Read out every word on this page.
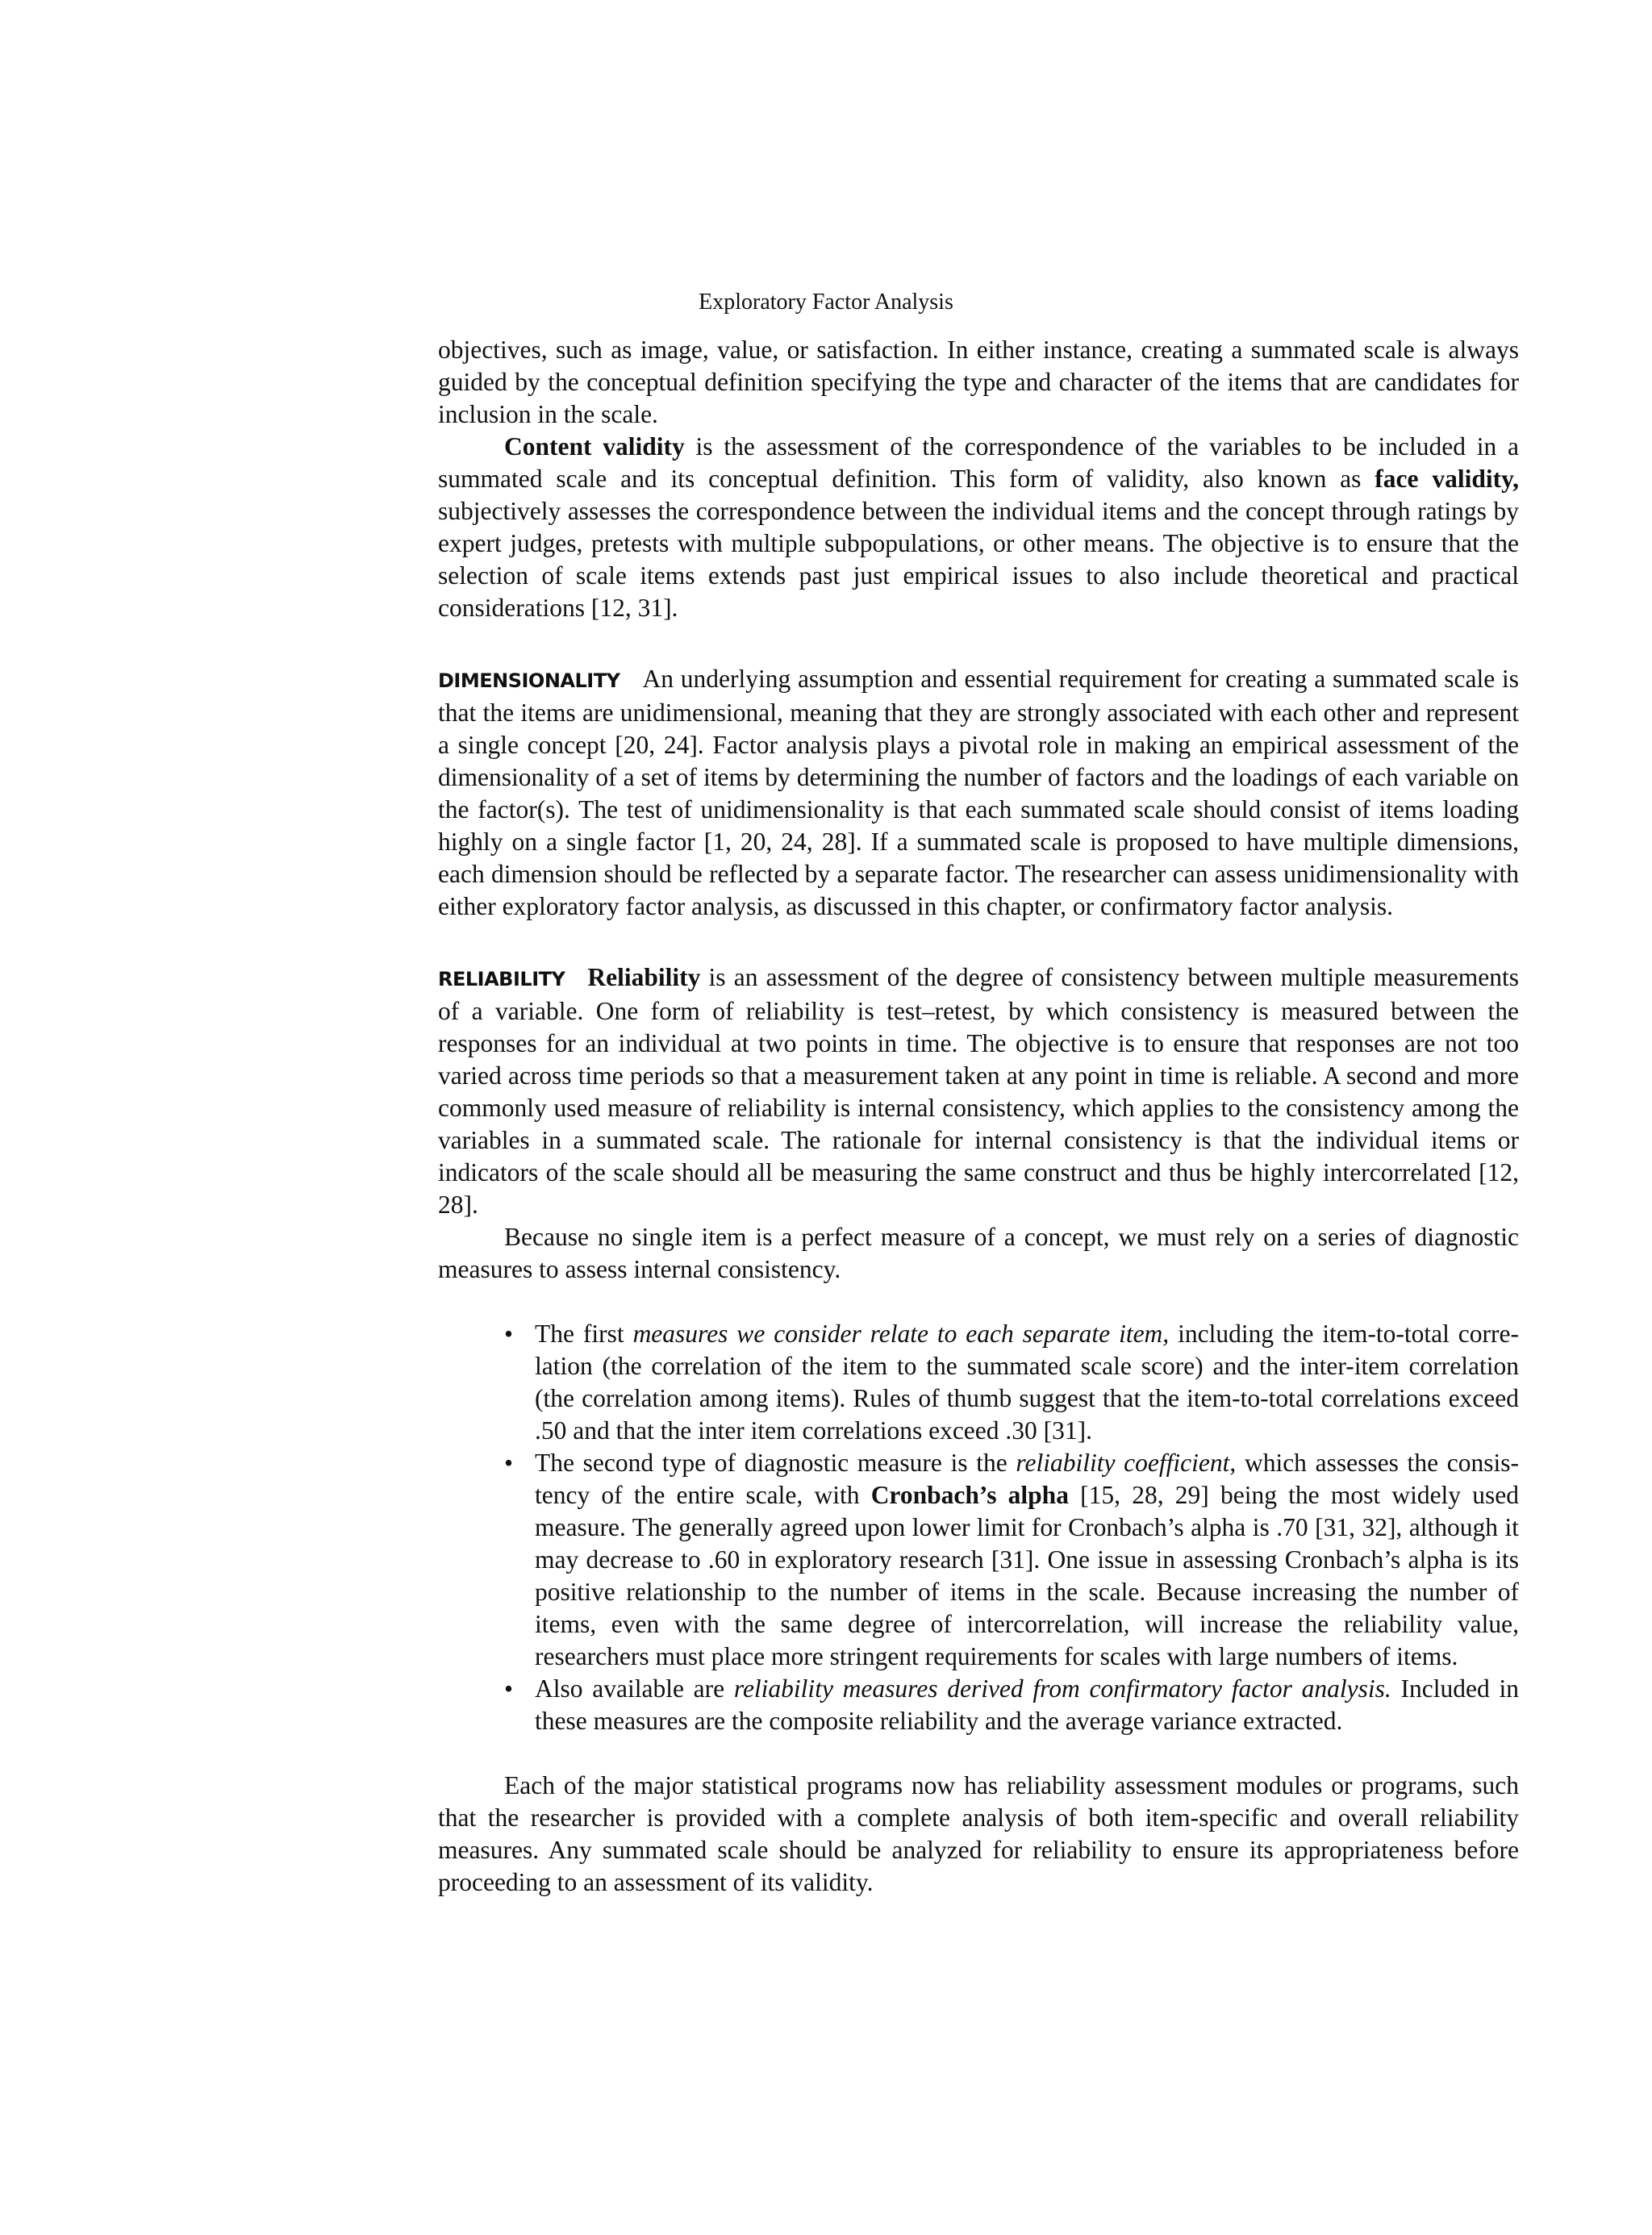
Exploratory Factor Analysis

objectives, such as image, value, or satisfaction. In either instance, creating a summated scale is always guided by the conceptual definition specifying the type and character of the items that are candidates for inclusion in the scale.

Content validity is the assessment of the correspondence of the variables to be included in a summated scale and its conceptual definition. This form of validity, also known as face validity, subjectively assesses the correspondence between the individual items and the concept through ratings by expert judges, pretests with multiple subpopulations, or other means. The objective is to ensure that the selection of scale items extends past just empirical issues to also include theoretical and practical considerations [12, 31].

DIMENSIONALITY An underlying assumption and essential requirement for creating a summated scale is that the items are unidimensional, meaning that they are strongly associated with each other and represent a single concept [20, 24]. Factor analysis plays a pivotal role in making an empirical assessment of the dimensionality of a set of items by determining the number of factors and the loadings of each variable on the factor(s). The test of unidimensionality is that each summated scale should consist of items loading highly on a single factor [1, 20, 24, 28]. If a summated scale is proposed to have multiple dimensions, each dimension should be reflected by a separate factor. The researcher can assess unidimensionality with either exploratory factor analysis, as discussed in this chapter, or confirmatory factor analysis.

RELIABILITY Reliability is an assessment of the degree of consistency between multiple measurements of a variable. One form of reliability is test–retest, by which consistency is measured between the responses for an individual at two points in time. The objective is to ensure that responses are not too varied across time periods so that a measurement taken at any point in time is reliable. A second and more commonly used measure of reliability is internal consistency, which applies to the consistency among the variables in a summated scale. The rationale for internal consistency is that the individual items or indicators of the scale should all be measuring the same construct and thus be highly intercorrelated [12, 28].

Because no single item is a perfect measure of a concept, we must rely on a series of diagnostic measures to assess internal consistency.

• The first measures we consider relate to each separate item, including the item-to-total correlation (the correlation of the item to the summated scale score) and the inter-item correlation (the correlation among items). Rules of thumb suggest that the item-to-total correlations exceed .50 and that the inter item correlations exceed .30 [31].
• The second type of diagnostic measure is the reliability coefficient, which assesses the consistency of the entire scale, with Cronbach’s alpha [15, 28, 29] being the most widely used measure. The generally agreed upon lower limit for Cronbach’s alpha is .70 [31, 32], although it may decrease to .60 in exploratory research [31]. One issue in assessing Cronbach’s alpha is its positive relationship to the number of items in the scale. Because increasing the number of items, even with the same degree of intercorrelation, will increase the reliability value, researchers must place more stringent requirements for scales with large numbers of items.
• Also available are reliability measures derived from confirmatory factor analysis. Included in these measures are the composite reliability and the average variance extracted.

Each of the major statistical programs now has reliability assessment modules or programs, such that the researcher is provided with a complete analysis of both item-specific and overall reliability measures. Any summated scale should be analyzed for reliability to ensure its appropriateness before proceeding to an assessment of its validity.
